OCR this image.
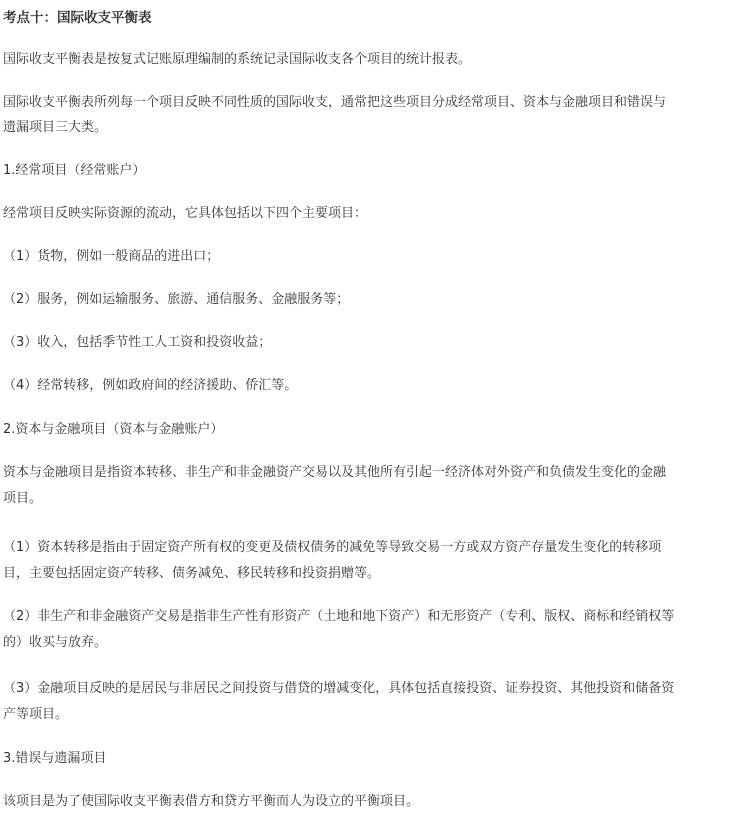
考点十：国际收支平衡表

国际收支平衡表是按复式记账原理编制的系统记录国际收支各个项目的统计报表。

国际收支平衡表所列每一个项目反映不同性质的国际收支，通常把这些项目分成经常项目、资本与金融项目和错误与

遗漏项目三大类。

1.经常项目（经常账户）

经常项目反映实际资源的流动，它具体包括以下四个主要项目：

（1）货物，例如一般商品的进出口；

（2）服务，例如运输服务、旅游、通信服务、金融服务等；

（3）收入，包括季节性工人工资和投资收益；

（4）经常转移，例如政府间的经济援助、侨汇等。

2.资本与金融项目（资本与金融账户）

资本与金融项目是指资本转移、非生产和非金融资产交易以及其他所有引起一经济体对外资产和负债发生变化的金融

项目。

（1）资本转移是指由于固定资产所有权的变更及债权债务的减免等导致交易一方或双方资产存量发生变化的转移项

目，主要包括固定资产转移、债务减免、移民转移和投资捐赠等。

（2）非生产和非金融资产交易是指非生产性有形资产（土地和地下资产）和无形资产（专利、版权、商标和经销权等

的）收买与放弃。

（3）金融项目反映的是居民与非居民之间投资与借贷的增减变化，具体包括直接投资、证券投资、其他投资和储备资

产等项目。

3.错误与遗漏项目

该项目是为了使国际收支平衡表借方和贷方平衡而人为设立的平衡项目。
